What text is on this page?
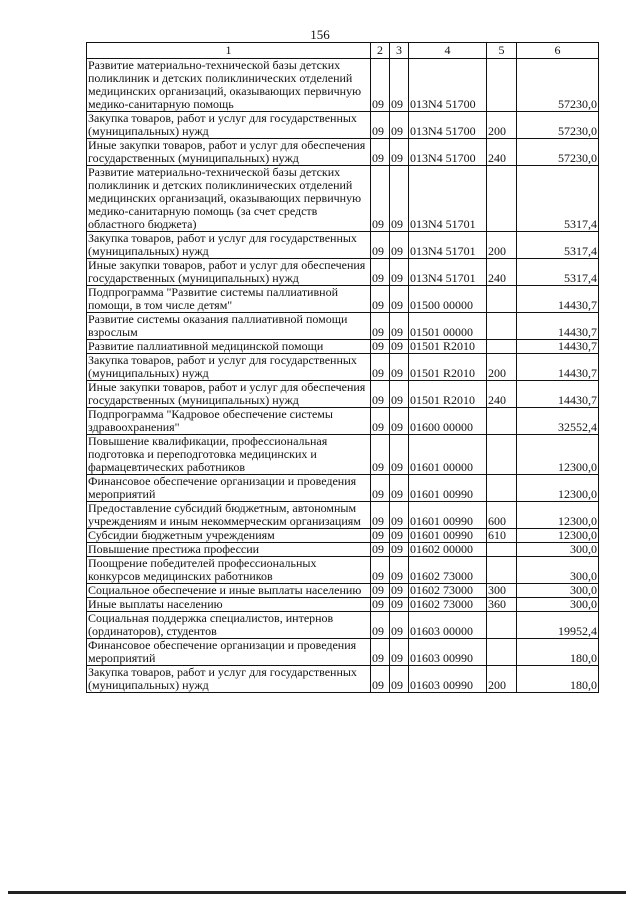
156
1	2	3	4	5	6
Развитие материально-технической базы детских поликлиник и детских поликлинических отделений медицинских организаций, оказывающих первичную медико-санитарную помощь	09	09	013N4 51700		57230,0
Закупка товаров, работ и услуг для государственных (муниципальных) нужд	09	09	013N4 51700	200	57230,0
Иные закупки товаров, работ и услуг для обеспечения государственных (муниципальных) нужд	09	09	013N4 51700	240	57230,0
Развитие материально-технической базы детских поликлиник и детских поликлинических отделений медицинских организаций, оказывающих первичную медико-санитарную помощь (за счет средств областного бюджета)	09	09	013N4 51701		5317,4
Закупка товаров, работ и услуг для государственных (муниципальных) нужд	09	09	013N4 51701	200	5317,4
Иные закупки товаров, работ и услуг для обеспечения государственных (муниципальных) нужд	09	09	013N4 51701	240	5317,4
Подпрограмма "Развитие системы паллиативной помощи, в том числе детям"	09	09	01500 00000		14430,7
Развитие системы оказания паллиативной помощи взрослым	09	09	01501 00000		14430,7
Развитие паллиативной медицинской помощи	09	09	01501 R2010		14430,7
Закупка товаров, работ и услуг для государственных (муниципальных) нужд	09	09	01501 R2010	200	14430,7
Иные закупки товаров, работ и услуг для обеспечения государственных (муниципальных) нужд	09	09	01501 R2010	240	14430,7
Подпрограмма "Кадровое обеспечение системы здравоохранения"	09	09	01600 00000		32552,4
Повышение квалификации, профессиональная подготовка и переподготовка медицинских и фармацевтических работников	09	09	01601 00000		12300,0
Финансовое обеспечение организации и проведения мероприятий	09	09	01601 00990		12300,0
Предоставление субсидий бюджетным, автономным учреждениям и иным некоммерческим организациям	09	09	01601 00990	600	12300,0
Субсидии бюджетным учреждениям	09	09	01601 00990	610	12300,0
Повышение престижа профессии	09	09	01602 00000		300,0
Поощрение победителей профессиональных конкурсов медицинских работников	09	09	01602 73000		300,0
Социальное обеспечение и иные выплаты населению	09	09	01602 73000	300	300,0
Иные выплаты населению	09	09	01602 73000	360	300,0
Социальная поддержка специалистов, интернов (ординаторов), студентов	09	09	01603 00000		19952,4
Финансовое обеспечение организации и проведения мероприятий	09	09	01603 00990		180,0
Закупка товаров, работ и услуг для государственных (муниципальных) нужд	09	09	01603 00990	200	180,0
